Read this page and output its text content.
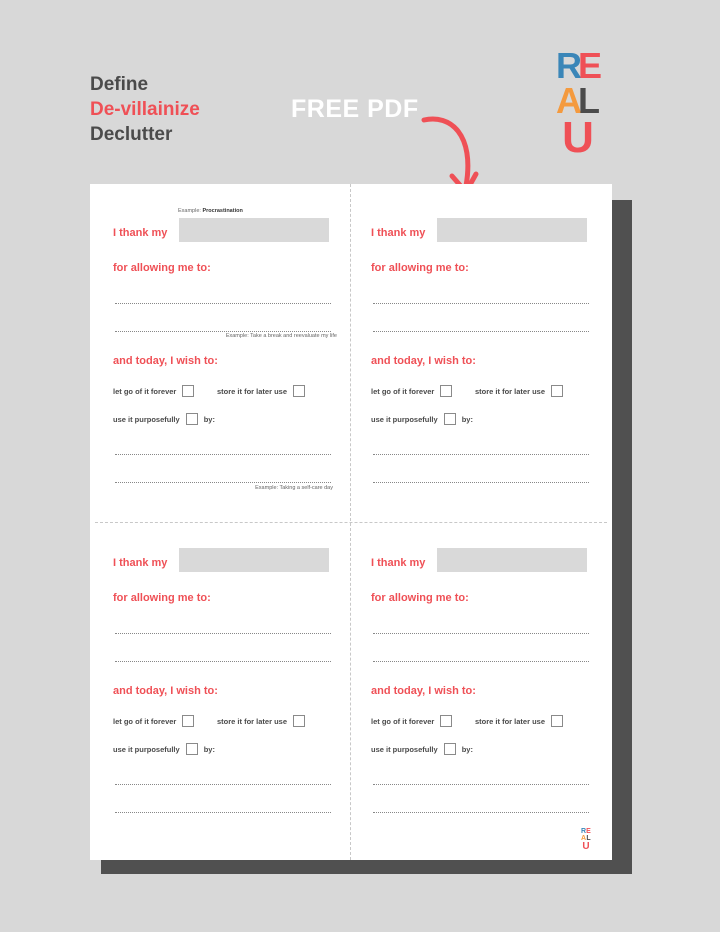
Define
De-villainize
Declutter
FREE PDF
R
E
A
L
U
Example: Procrastination
I thank my
for allowing me to:
Example: Take a break and reevaluate my life
and today, I wish to:
let go of it forever	store it for later use
use it purposefully	by:
Example: Taking a self-care day
I thank my
for allowing me to:
and today, I wish to:
let go of it forever	store it for later use
use it purposefully	by:
I thank my
for allowing me to:
and today, I wish to:
let go of it forever	store it for later use
use it purposefully	by:
I thank my
for allowing me to:
and today, I wish to:
let go of it forever	store it for later use
use it purposefully	by:
RE
AL
U
